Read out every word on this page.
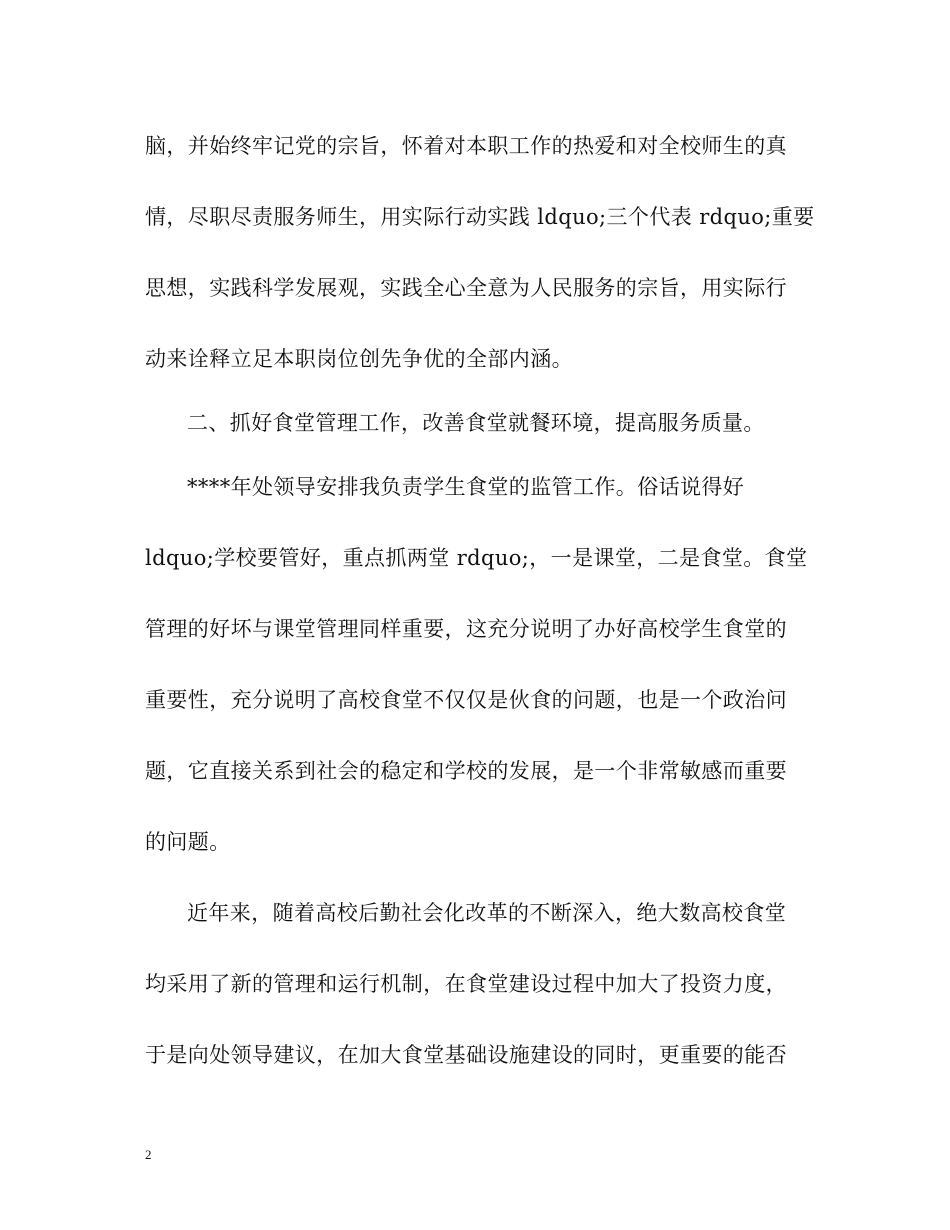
脑，并始终牢记党的宗旨，怀着对本职工作的热爱和对全校师生的真
情，尽职尽责服务师生，用实际行动实践 ldquo;三个代表 rdquo;重要
思想，实践科学发展观，实践全心全意为人民服务的宗旨，用实际行
动来诠释立足本职岗位创先争优的全部内涵。
二、抓好食堂管理工作，改善食堂就餐环境，提高服务质量。
****年处领导安排我负责学生食堂的监管工作。俗话说得好
ldquo;学校要管好，重点抓两堂 rdquo;，一是课堂，二是食堂。食堂
管理的好坏与课堂管理同样重要，这充分说明了办好高校学生食堂的
重要性，充分说明了高校食堂不仅仅是伙食的问题，也是一个政治问
题，它直接关系到社会的稳定和学校的发展，是一个非常敏感而重要
的问题。
近年来，随着高校后勤社会化改革的不断深入，绝大数高校食堂
均采用了新的管理和运行机制，在食堂建设过程中加大了投资力度，
于是向处领导建议，在加大食堂基础设施建设的同时，更重要的能否
2
